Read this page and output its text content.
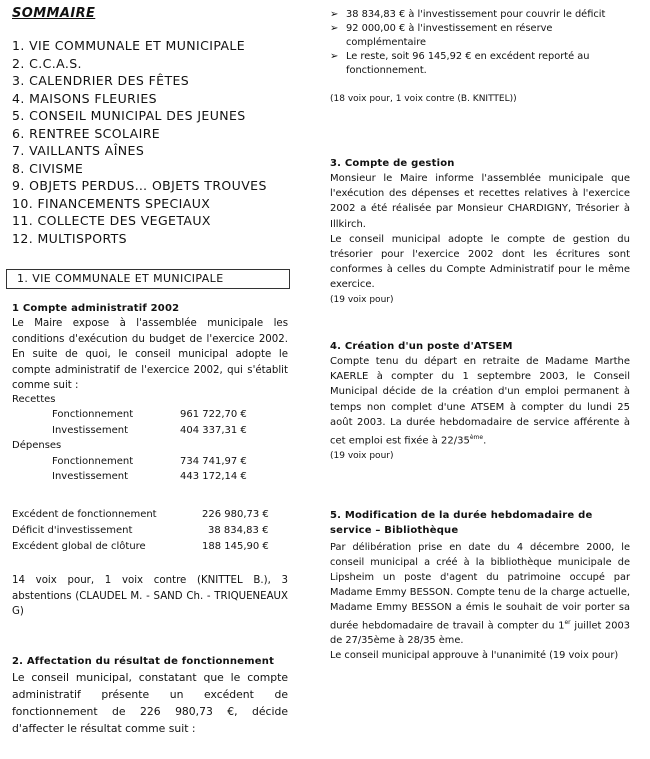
SOMMAIRE
1. VIE COMMUNALE ET MUNICIPALE
2. C.C.A.S.
3. CALENDRIER DES FÊTES
4. MAISONS FLEURIES
5. CONSEIL MUNICIPAL DES JEUNES
6. RENTREE SCOLAIRE
7. VAILLANTS AÎNES
8. CIVISME
9. OBJETS PERDUS… OBJETS TROUVES
10. FINANCEMENTS SPECIAUX
11. COLLECTE DES VEGETAUX
12. MULTISPORTS
1. VIE COMMUNALE ET MUNICIPALE
1 Compte administratif 2002
Le Maire expose à l'assemblée municipale les conditions d'exécution du budget de l'exercice 2002. En suite de quoi, le conseil municipal adopte le compte administratif de l'exercice 2002, qui s'établit comme suit :
Recettes
Fonctionnement	961 722,70 €
Investissement	404 337,31 €
Dépenses
Fonctionnement	734 741,97 €
Investissement	443 172,14 €
Excédent de fonctionnement	226 980,73 €
Déficit d'investissement	38 834,83 €
Excédent global de clôture	188 145,90 €
14 voix pour, 1 voix contre (KNITTEL B.), 3 abstentions (CLAUDEL M. - SAND Ch. - TRIQUENEAUX G)
2. Affectation du résultat de fonctionnement
Le conseil municipal, constatant que le compte administratif présente un excédent de fonctionnement de 226 980,73 €, décide d'affecter le résultat comme suit :
➢ 38 834,83 € à l'investissement pour couvrir le déficit
➢ 92 000,00 € à l'investissement en réserve complémentaire
➢ Le reste, soit 96 145,92 € en excédent reporté au fonctionnement.
(18 voix pour, 1 voix contre (B. KNITTEL))
3. Compte de gestion
Monsieur le Maire informe l'assemblée municipale que l'exécution des dépenses et recettes relatives à l'exercice 2002 a été réalisée par Monsieur CHARDIGNY, Trésorier à Illkirch.
Le conseil municipal adopte le compte de gestion du trésorier pour l'exercice 2002 dont les écritures sont conformes à celles du Compte Administratif pour le même exercice.
(19 voix pour)
4. Création d'un poste d'ATSEM
Compte tenu du départ en retraite de Madame Marthe KAERLE à compter du 1 septembre 2003, le Conseil Municipal décide de la création d'un emploi permanent à temps non complet d'une ATSEM à compter du lundi 25 août 2003. La durée hebdomadaire de service afférente à cet emploi est fixée à 22/35ème.
(19 voix pour)
5. Modification de la durée hebdomadaire de service – Bibliothèque
Par délibération prise en date du 4 décembre 2000, le conseil municipal a créé à la bibliothèque municipale de Lipsheim un poste d'agent du patrimoine occupé par Madame Emmy BESSON. Compte tenu de la charge actuelle, Madame Emmy BESSON a émis le souhait de voir porter sa durée hebdomadaire de travail à compter du 1er juillet 2003 de 27/35ème à 28/35 ème.
Le conseil municipal approuve à l'unanimité (19 voix pour)
